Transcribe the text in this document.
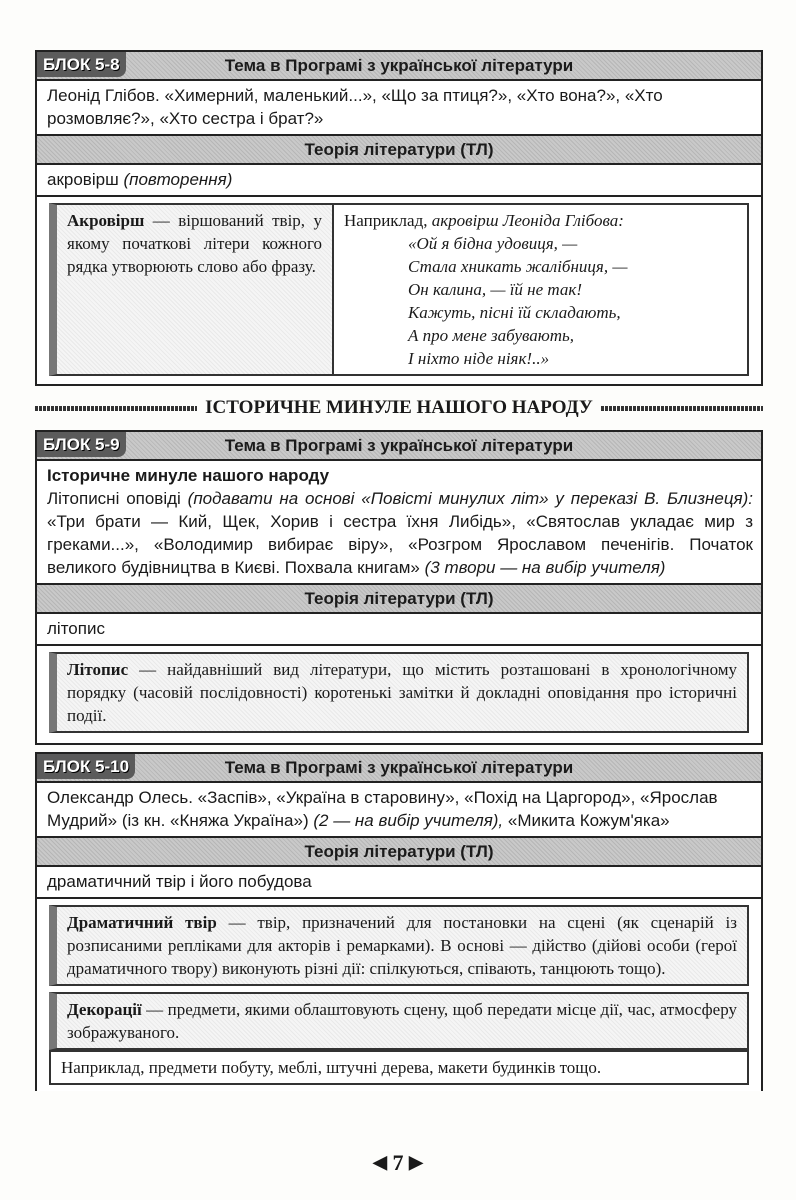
БЛОК 5-8	Тема в Програмі з української літератури
Леонід Глібов. «Химерний, маленький...», «Що за птиця?», «Хто вона?», «Хто розмовляє?», «Хто сестра і брат?»
Теорія літератури (ТЛ)
акровірш (повторення)
Акровірш — віршований твір, у якому початкові літери кожного рядка утворюють слово або фразу.
Наприклад, акровірш Леоніда Глібова:
«Ой я бідна удовиця, —
Стала хникать жалібниця, —
Он калина, — їй не так!
Кажуть, пісні їй складають,
А про мене забувають,
І ніхто ніде ніяк!..»
ІСТОРИЧНЕ МИНУЛЕ НАШОГО НАРОДУ
БЛОК 5-9	Тема в Програмі з української літератури
Історичне минуле нашого народу
Літописні оповіді (подавати на основі «Повісті минулих літ» у переказі В. Близнеця): «Три брати — Кий, Щек, Хорив і сестра їхня Либідь», «Святослав укладає мир з греками...», «Володимир вибирає віру», «Розгром Ярославом печенігів. Початок великого будівництва в Києві. Похвала книгам» (3 твори — на вибір учителя)
Теорія літератури (ТЛ)
літопис
Літопис — найдавніший вид літератури, що містить розташовані в хронологічному порядку (часовій послідовності) коротенькі замітки й докладні оповідання про історичні події.
БЛОК 5-10	Тема в Програмі з української літератури
Олександр Олесь. «Заспів», «Україна в старовину», «Похід на Царгород», «Ярослав Мудрий» (із кн. «Княжа Україна») (2 — на вибір учителя), «Микита Кожум'яка»
Теорія літератури (ТЛ)
драматичний твір і його побудова
Драматичний твір — твір, призначений для постановки на сцені (як сценарій із розписаними репліками для акторів і ремарками). В основі — дійство (дійові особи (герої драматичного твору) виконують різні дії: спілкуються, співають, танцюють тощо).
Декорації — предмети, якими облаштовують сцену, щоб передати місце дії, час, атмосферу зображуваного.
Наприклад, предмети побуту, меблі, штучні дерева, макети будинків тощо.
◀ 7 ▶
